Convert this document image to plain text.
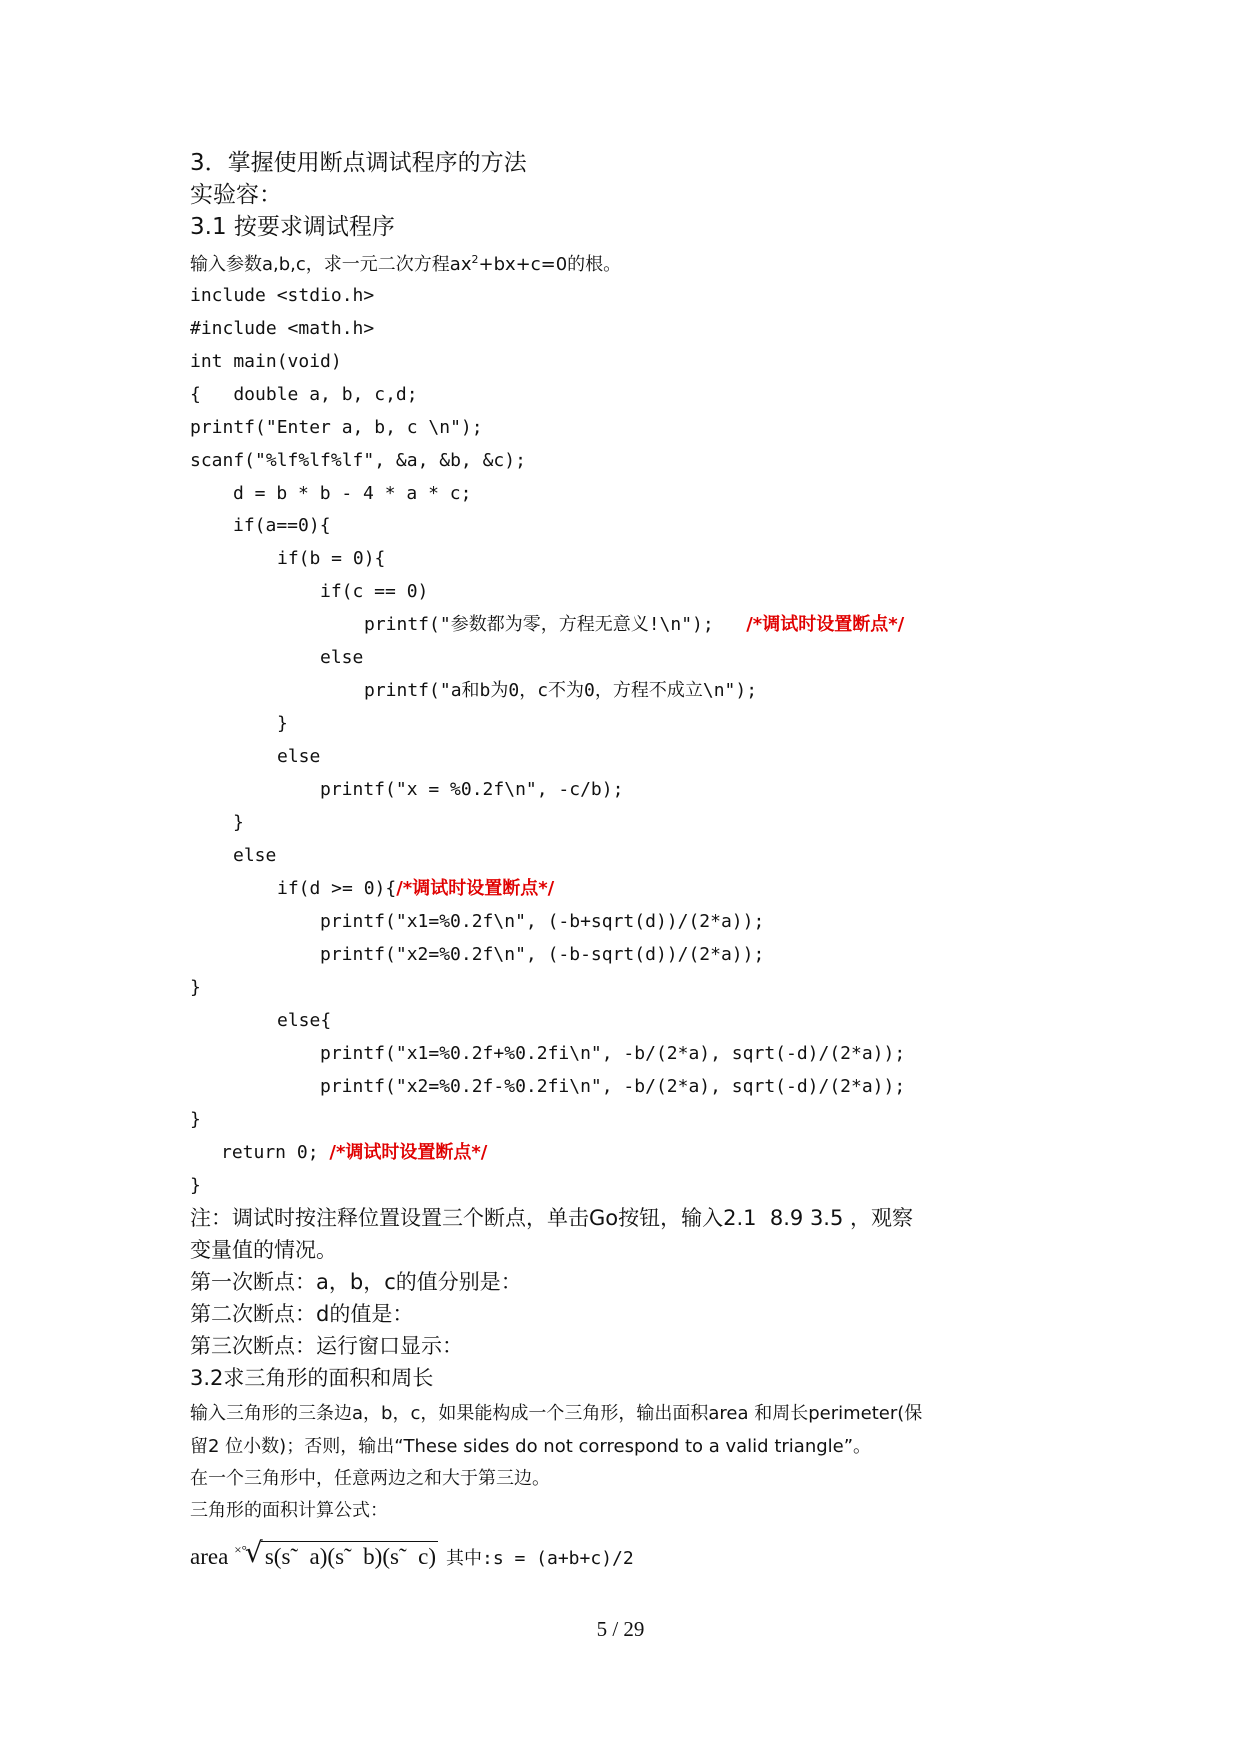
3．掌握使用断点调试程序的方法
实验容：
3.1 按要求调试程序
输入参数a,b,c，求一元二次方程$ax^2+bx+c=0$的根。
include <stdio.h>
#include <math.h>
int main(void)
{   double a, b, c,d;
printf("Enter a, b, c \n");
scanf("%lf%lf%lf", &a, &b, &c);
d = b * b - 4 * a * c;
if(a==0){
if(b = 0){
if(c == 0)
printf("参数都为零，方程无意义!\n");   /*调试时设置断点*/
else
printf("a和b为0，c不为0，方程不成立\n");
}
else
printf("x = %0.2f\n", -c/b);
}
else
if(d >= 0){/*调试时设置断点*/
printf("x1=%0.2f\n", (-b+sqrt(d))/(2*a));
printf("x2=%0.2f\n", (-b-sqrt(d))/(2*a));
}
else{
printf("x1=%0.2f+%0.2fi\n", -b/(2*a), sqrt(-d)/(2*a));
printf("x2=%0.2f-%0.2fi\n", -b/(2*a), sqrt(-d)/(2*a));
}
return 0; /*调试时设置断点*/
}
注：调试时按注释位置设置三个断点，单击Go按钮，输入2.1  8.9 3.5 ，观察
变量值的情况。
第一次断点：a，b，c的值分别是：
第二次断点：d的值是：
第三次断点：运行窗口显示：
3.2求三角形的面积和周长
输入三角形的三条边a，b，c，如果能构成一个三角形，输出面积area 和周长perimeter(保
留2 位小数)；否则，输出“These sides do not correspond to a valid triangle”。
在一个三角形中，任意两边之和大于第三边。
三角形的面积计算公式：
area ×°
√ s(s˜  a)(s˜  b)(s˜  c) 其中:s = (a+b+c)/2
5 / 29
